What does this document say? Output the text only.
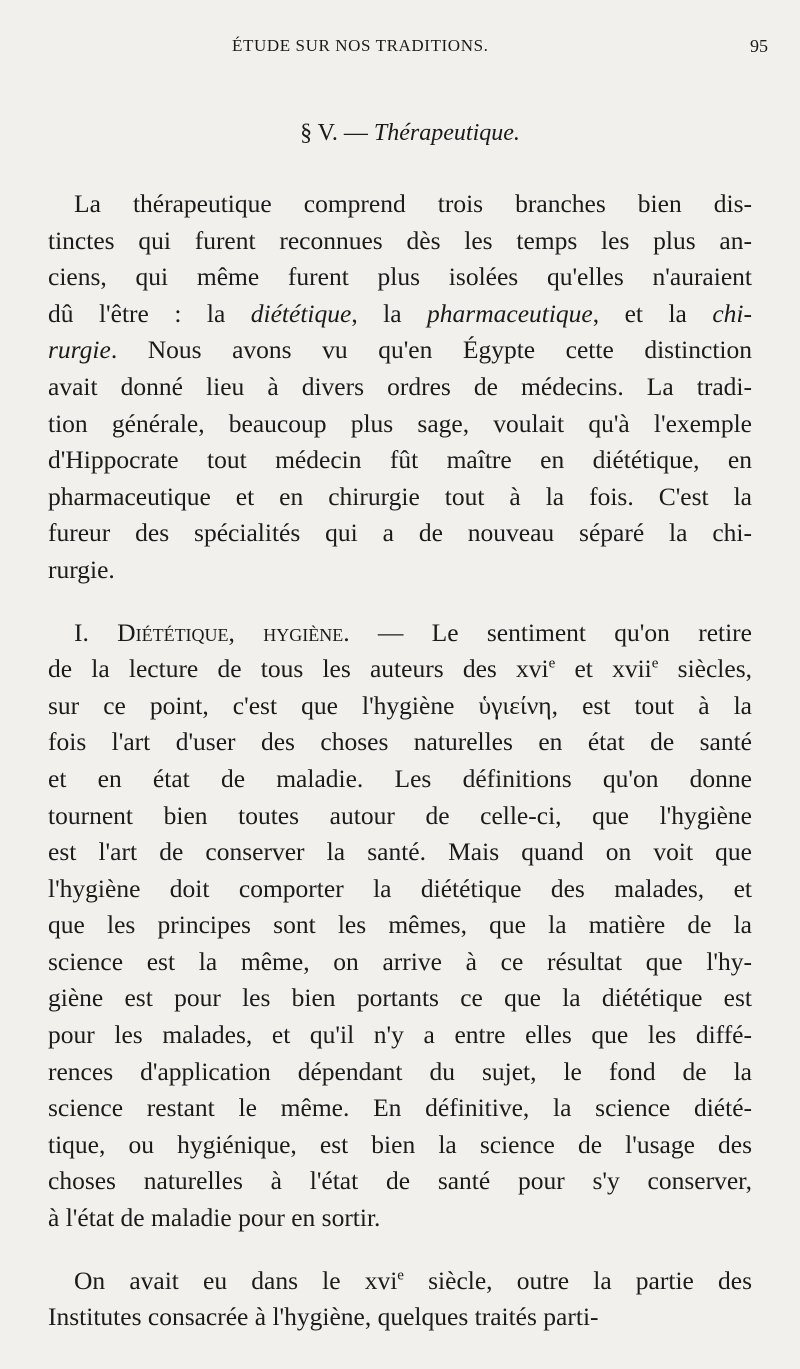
ÉTUDE SUR NOS TRADITIONS.	95
§ V. — Thérapeutique.
La thérapeutique comprend trois branches bien dis-
tinctes qui furent reconnues dès les temps les plus an-
ciens, qui même furent plus isolées qu'elles n'auraient
dû l'être : la diététique, la pharmaceutique, et la chi-
rurgie. Nous avons vu qu'en Égypte cette distinction
avait donné lieu à divers ordres de médecins. La tradi-
tion générale, beaucoup plus sage, voulait qu'à l'exemple
d'Hippocrate tout médecin fût maître en diététique, en
pharmaceutique et en chirurgie tout à la fois. C'est la
fureur des spécialités qui a de nouveau séparé la chi-
rurgie.
I. Diététique, hygiène. — Le sentiment qu'on retire
de la lecture de tous les auteurs des xvi$^e$ et xvii$^e$ siècles,
sur ce point, c'est que l'hygiène ὑγιείνη, est tout à la
fois l'art d'user des choses naturelles en état de santé
et en état de maladie. Les définitions qu'on donne
tournent bien toutes autour de celle-ci, que l'hygiène
est l'art de conserver la santé. Mais quand on voit que
l'hygiène doit comporter la diététique des malades, et
que les principes sont les mêmes, que la matière de la
science est la même, on arrive à ce résultat que l'hy-
giène est pour les bien portants ce que la diététique est
pour les malades, et qu'il n'y a entre elles que les diffé-
rences d'application dépendant du sujet, le fond de la
science restant le même. En définitive, la science diété-
tique, ou hygiénique, est bien la science de l'usage des
choses naturelles à l'état de santé pour s'y conserver,
à l'état de maladie pour en sortir.
On avait eu dans le xvi$^e$ siècle, outre la partie des
Institutes consacrée à l'hygiène, quelques traités parti-
